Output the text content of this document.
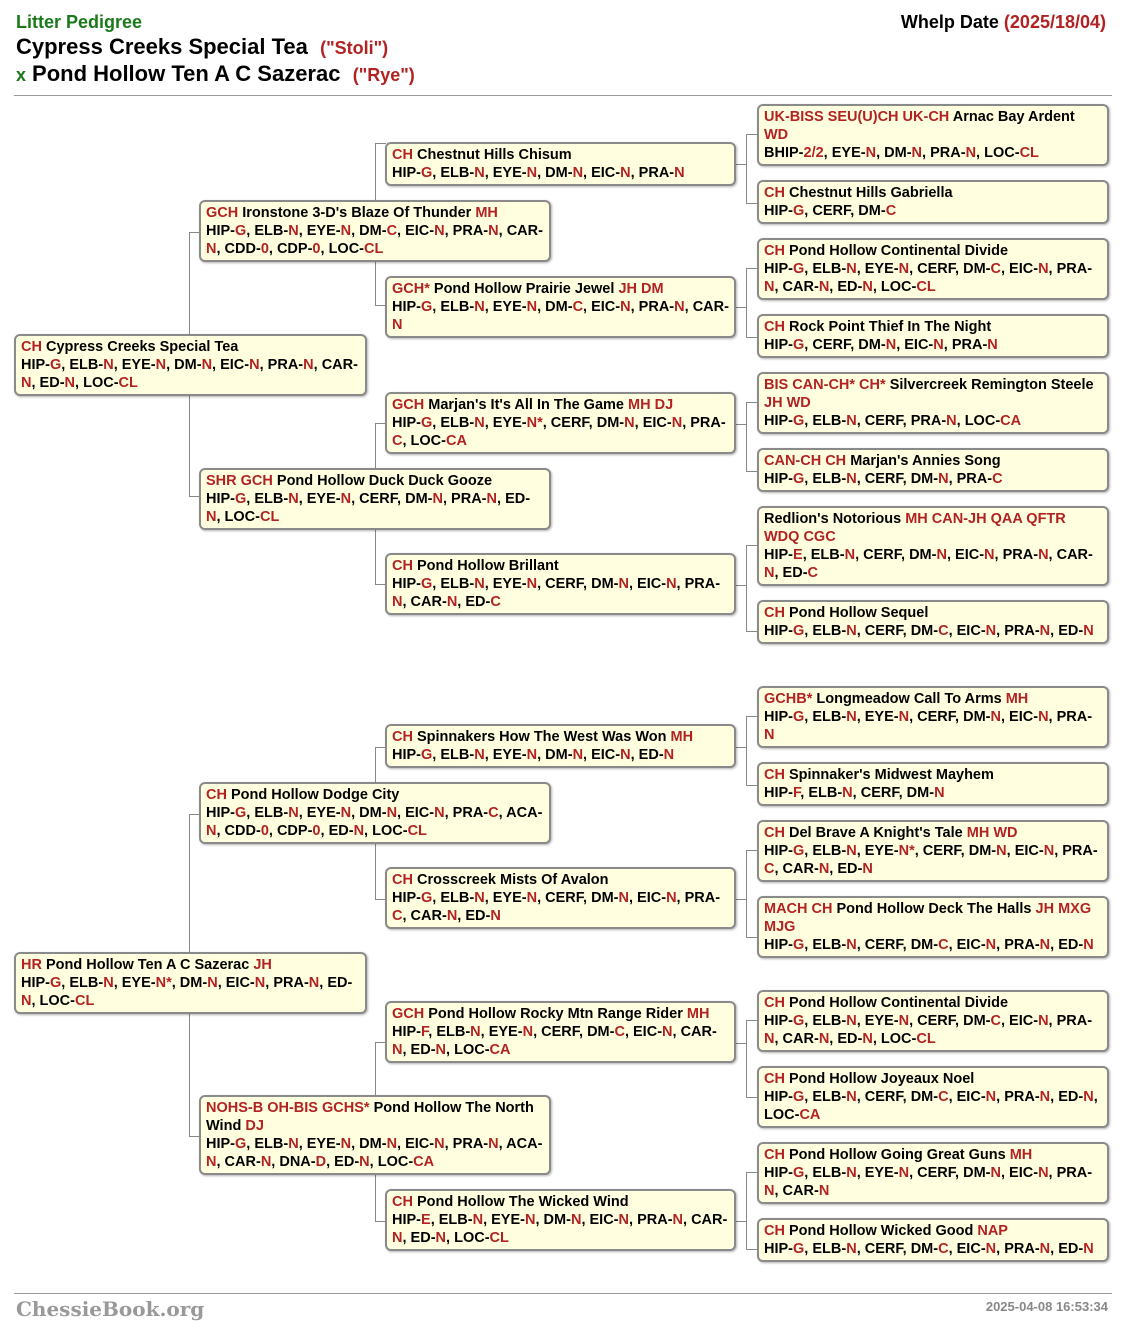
Litter Pedigree	Whelp Date (2025/18/04)
Cypress Creeks Special Tea ("Stoli")
x Pond Hollow Ten A C Sazerac ("Rye")
CH Cypress Creeks Special Tea
HIP-G, ELB-N, EYE-N, DM-N, EIC-N, PRA-N, CAR-N, ED-N, LOC-CL
GCH Ironstone 3-D's Blaze Of Thunder MH
HIP-G, ELB-N, EYE-N, DM-C, EIC-N, PRA-N, CAR-N, CDD-0, CDP-0, LOC-CL
CH Chestnut Hills Chisum
HIP-G, ELB-N, EYE-N, DM-N, EIC-N, PRA-N
UK-BISS SEU(U)CH UK-CH Arnac Bay Ardent WD
BHIP-2/2, EYE-N, DM-N, PRA-N, LOC-CL
CH Chestnut Hills Gabriella
HIP-G, CERF, DM-C
GCH* Pond Hollow Prairie Jewel JH DM
HIP-G, ELB-N, EYE-N, DM-C, EIC-N, PRA-N, CAR-N
CH Pond Hollow Continental Divide
HIP-G, ELB-N, EYE-N, CERF, DM-C, EIC-N, PRA-N, CAR-N, ED-N, LOC-CL
CH Rock Point Thief In The Night
HIP-G, CERF, DM-N, EIC-N, PRA-N
SHR GCH Pond Hollow Duck Duck Gooze
HIP-G, ELB-N, EYE-N, CERF, DM-N, PRA-N, ED-N, LOC-CL
GCH Marjan's It's All In The Game MH DJ
HIP-G, ELB-N, EYE-N*, CERF, DM-N, EIC-N, PRA-C, LOC-CA
BIS CAN-CH* CH* Silvercreek Remington Steele JH WD
HIP-G, ELB-N, CERF, PRA-N, LOC-CA
CAN-CH CH Marjan's Annies Song
HIP-G, ELB-N, CERF, DM-N, PRA-C
CH Pond Hollow Brillant
HIP-G, ELB-N, EYE-N, CERF, DM-N, EIC-N, PRA-N, CAR-N, ED-C
Redlion's Notorious MH CAN-JH QAA QFTR WDQ CGC
HIP-E, ELB-N, CERF, DM-N, EIC-N, PRA-N, CAR-N, ED-C
CH Pond Hollow Sequel
HIP-G, ELB-N, CERF, DM-C, EIC-N, PRA-N, ED-N
HR Pond Hollow Ten A C Sazerac JH
HIP-G, ELB-N, EYE-N*, DM-N, EIC-N, PRA-N, ED-N, LOC-CL
CH Pond Hollow Dodge City
HIP-G, ELB-N, EYE-N, DM-N, EIC-N, PRA-C, ACA-N, CDD-0, CDP-0, ED-N, LOC-CL
CH Spinnakers How The West Was Won MH
HIP-G, ELB-N, EYE-N, DM-N, EIC-N, ED-N
GCHB* Longmeadow Call To Arms MH
HIP-G, ELB-N, EYE-N, CERF, DM-N, EIC-N, PRA-N
CH Spinnaker's Midwest Mayhem
HIP-F, ELB-N, CERF, DM-N
CH Crosscreek Mists Of Avalon
HIP-G, ELB-N, EYE-N, CERF, DM-N, EIC-N, PRA-C, CAR-N, ED-N
CH Del Brave A Knight's Tale MH WD
HIP-G, ELB-N, EYE-N*, CERF, DM-N, EIC-N, PRA-C, CAR-N, ED-N
MACH CH Pond Hollow Deck The Halls JH MXG MJG
HIP-G, ELB-N, CERF, DM-C, EIC-N, PRA-N, ED-N
NOHS-B OH-BIS GCHS* Pond Hollow The North Wind DJ
HIP-G, ELB-N, EYE-N, DM-N, EIC-N, PRA-N, ACA-N, CAR-N, DNA-D, ED-N, LOC-CA
GCH Pond Hollow Rocky Mtn Range Rider MH
HIP-F, ELB-N, EYE-N, CERF, DM-C, EIC-N, CAR-N, ED-N, LOC-CA
CH Pond Hollow Continental Divide
HIP-G, ELB-N, EYE-N, CERF, DM-C, EIC-N, PRA-N, CAR-N, ED-N, LOC-CL
CH Pond Hollow Joyeaux Noel
HIP-G, ELB-N, CERF, DM-C, EIC-N, PRA-N, ED-N, LOC-CA
CH Pond Hollow The Wicked Wind
HIP-E, ELB-N, EYE-N, DM-N, EIC-N, PRA-N, CAR-N, ED-N, LOC-CL
CH Pond Hollow Going Great Guns MH
HIP-G, ELB-N, EYE-N, CERF, DM-N, EIC-N, PRA-N, CAR-N
CH Pond Hollow Wicked Good NAP
HIP-G, ELB-N, CERF, DM-C, EIC-N, PRA-N, ED-N
ChessieBook.org	2025-04-08 16:53:34
